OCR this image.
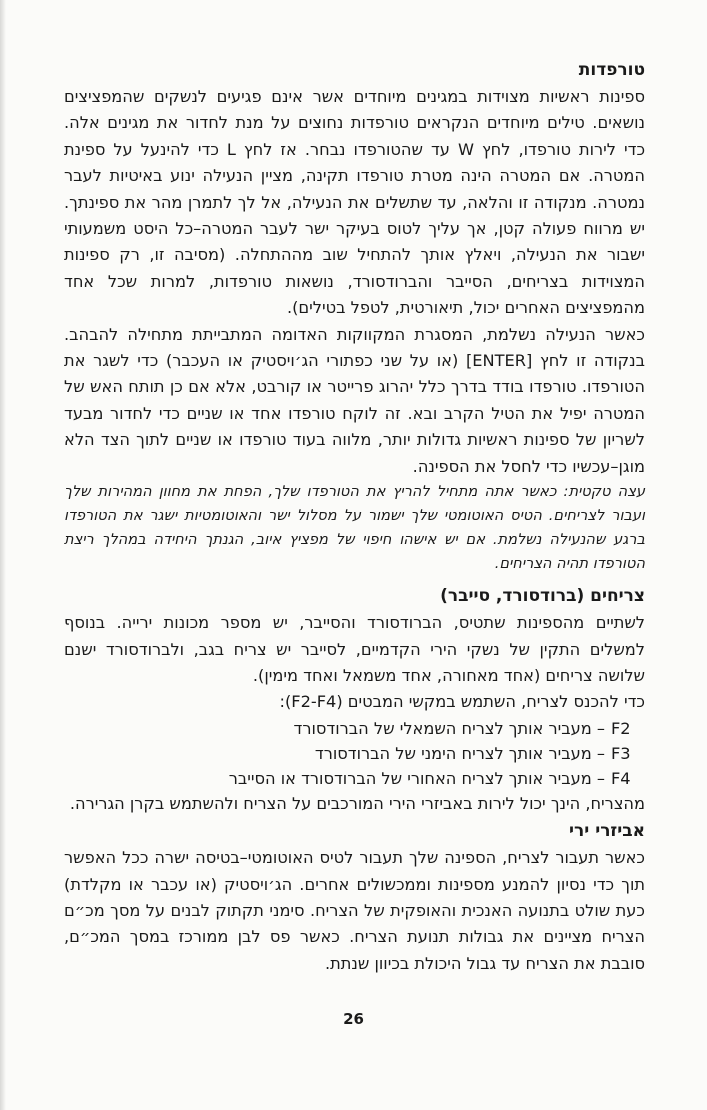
טורפדות

ספינות ראשיות מצוידות במגינים מיוחדים אשר אינם פגיעים לנשקים שהמפציצים נושאים. טילים מיוחדים הנקראים טורפדות נחוצים על מנת לחדור את מגינים אלה. כדי לירות טורפדו, לחץ W עד שהטורפדו נבחר. אז לחץ L כדי להינעל על ספינת המטרה. אם המטרה הינה מטרת טורפדו תקינה, מציין הנעילה ינוע באיטיות לעבר נמטרה. מנקודה זו והלאה, עד שתשלים את הנעילה, אל לך לתמרן מהר את ספינתך. יש מרווח פעולה קטן, אך עליך לטוס בעיקר ישר לעבר המטרה–כל היסט משמעותי ישבור את הנעילה, ויאלץ אותך להתחיל שוב מההתחלה. (מסיבה זו, רק ספינות המצוידות בצריחים, הסייבר והברודסורד, נושאות טורפדות, למרות שכל אחד מהמפציצים האחרים יכול, תיאורטית, לטפל בטילים).

כאשר הנעילה נשלמת, המסגרת המקווקות האדומה המתבייתת מתחילה להבהב. בנקודה זו לחץ [ENTER] (או על שני כפתורי הג׳ויסטיק או העכבר) כדי לשגר את הטורפדו. טורפדו בודד בדרך כלל יהרוג פרייטר או קורבט, אלא אם כן תותח האש של המטרה יפיל את הטיל הקרב ובא. זה לוקח טורפדו אחד או שניים כדי לחדור מבעד לשריון של ספינות ראשיות גדולות יותר, מלווה בעוד טורפדו או שניים לתוך הצד הלא מוגן–עכשיו כדי לחסל את הספינה.

עצה טקטית: כאשר אתה מתחיל להריץ את הטורפדו שלך, הפחת את מחוון המהירות שלך ועבור לצריחים. הטיס האוטומטי שלך ישמור על מסלול ישר והאוטומטיות ישגר את הטורפדו ברגע שהנעילה נשלמת. אם יש אישהו חיפוי של מפציץ איוב, הגנתך היחידה במהלך ריצת הטורפדו תהיה הצריחים.

צריחים (ברודסורד, סייבר)

לשתיים מהספינות שתטיס, הברודסורד והסייבר, יש מספר מכונות ירייה. בנוסף למשלים התקין של נשקי הירי הקדמיים, לסייבר יש צריח בגב, ולברודסורד ישנם שלושה צריחים (אחד מאחורה, אחד משמאל ואחד מימין).

כדי להכנס לצריח, השתמש במקשי המבטים (F2-F4):

F2– מעביר אותך לצריח השמאלי של הברודסורד
F3– מעביר אותך לצריח הימני של הברודסורד
F4– מעביר אותך לצריח האחורי של הברודסורד או הסייבר

מהצריח, הינך יכול לירות באביזרי הירי המורכבים על הצריח ולהשתמש בקרן הגרירה.

אביזרי ירי

כאשר תעבור לצריח, הספינה שלך תעבור לטיס האוטומטי–בטיסה ישרה ככל האפשר תוך כדי נסיון להמנע מספינות וממכשולים אחרים. הג׳ויסטיק (או עכבר או מקלדת) כעת שולט בתנועה האנכית והאופקית של הצריח. סימני תקתוק לבנים על מסך מכ״ם הצריח מציינים את גבולות תנועת הצריח. כאשר פס לבן ממורכז במסך המכ״ם, סובבת את הצריח עד גבול היכולת בכיוון שנתת.

26
